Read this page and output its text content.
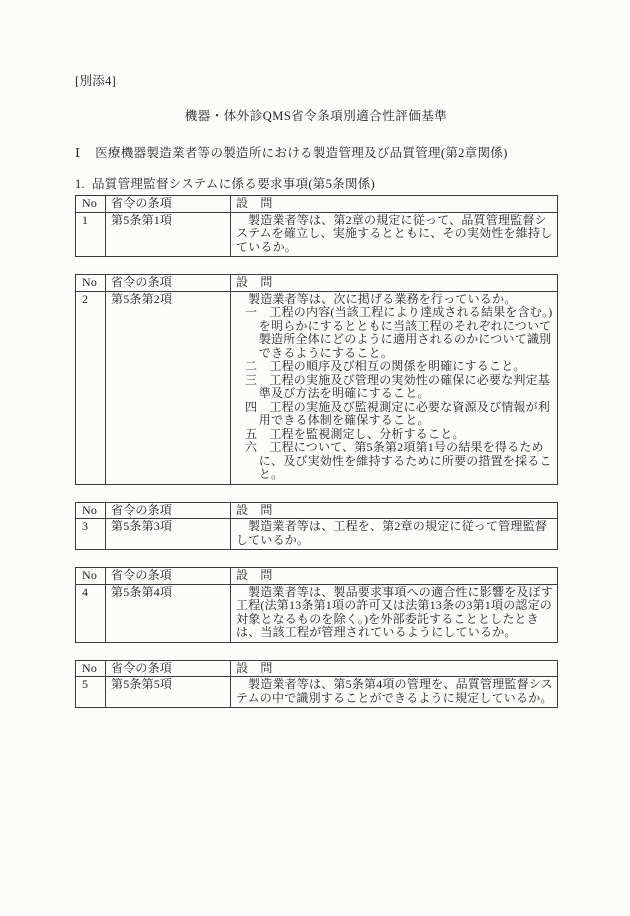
[別添4]
機器・体外診QMS省令条項別適合性評価基準
Ⅰ 医療機器製造業者等の製造所における製造管理及び品質管理(第2章関係)
1. 品質管理監督システムに係る要求事項(第5条関係)
No	省令の条項	設　問
1	第5条第1項	製造業者等は、第2章の規定に従って、品質管理監督システムを確立し、実施するとともに、その実効性を維持しているか。

No	省令の条項	設　問
2	第5条第2項	製造業者等は、次に掲げる業務を行っているか。

一　工程の内容(当該工程により達成される結果を含む。)を明らかにするとともに当該工程のそれぞれについて製造所全体にどのように適用されるのかについて識別できるようにすること。

二　工程の順序及び相互の関係を明確にすること。

三　工程の実施及び管理の実効性の確保に必要な判定基準及び方法を明確にすること。

四　工程の実施及び監視測定に必要な資源及び情報が利用できる体制を確保すること。

五　工程を監視測定し、分析すること。

六　工程について、第5条第2項第1号の結果を得るために、及び実効性を維持するために所要の措置を採ること。

No	省令の条項	設　問
3	第5条第3項	製造業者等は、工程を、第2章の規定に従って管理監督しているか。

No	省令の条項	設　問
4	第5条第4項	製造業者等は、製品要求事項への適合性に影響を及ぼす工程(法第13条第1項の許可又は法第13条の3第1項の認定の対象となるものを除く。)を外部委託することとしたときは、当該工程が管理されているようにしているか。

No	省令の条項	設　問
5	第5条第5項	製造業者等は、第5条第4項の管理を、品質管理監督システムの中で識別することができるように規定しているか。
